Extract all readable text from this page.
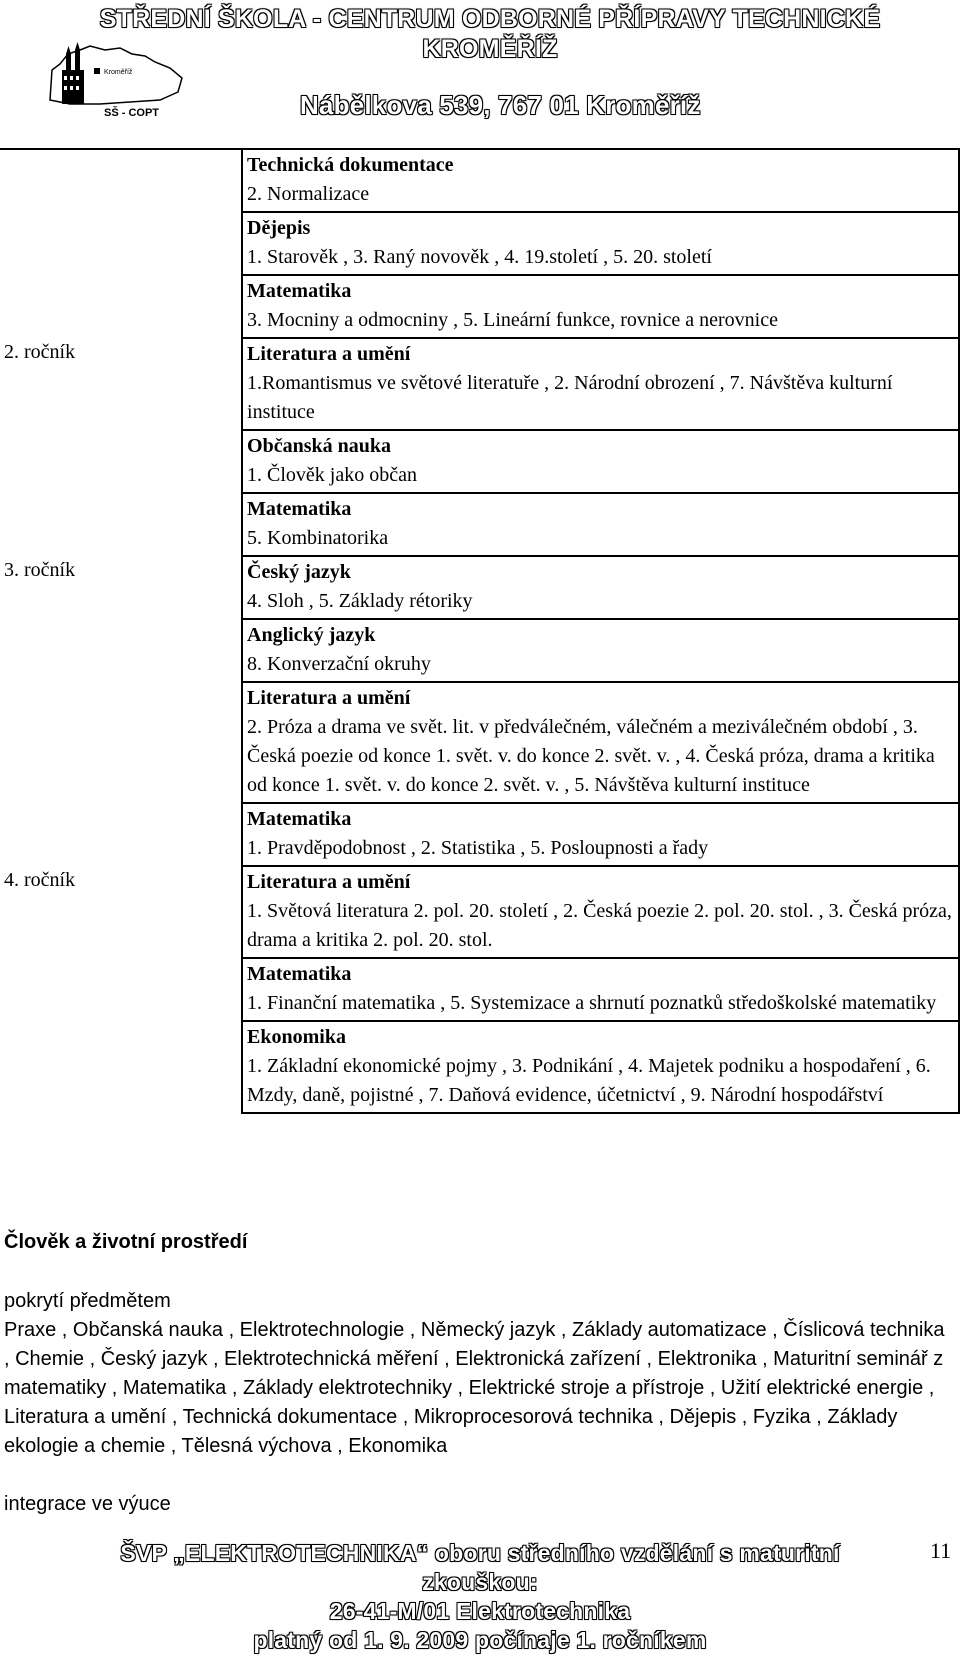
STŘEDNÍ ŠKOLA - CENTRUM ODBORNÉ PŘÍPRAVY TECHNICKÉ KROMĚŘÍŽ
Kroměříž
SŠ - COPT	Nábělkova 539, 767 01 Kroměříž

	Technická dokumentace
2. Normalizace

	Dějepis
1. Starověk , 3. Raný novověk , 4. 19.století , 5. 20. století

	Matematika
3. Mocniny a odmocniny , 5. Lineární funkce, rovnice a nerovnice

2. ročník	Literatura a umění
1.Romantismus ve světové literatuře , 2. Národní obrození , 7. Návštěva kulturní instituce

	Občanská nauka
1. Člověk jako občan

	Matematika
5. Kombinatorika

3. ročník	Český jazyk
4. Sloh , 5. Základy rétoriky

	Anglický jazyk
8. Konverzační okruhy

	Literatura a umění
2. Próza a drama ve svět. lit. v předválečném, válečném a meziválečném období , 3. Česká poezie od konce 1. svět. v. do konce 2. svět. v. , 4. Česká próza, drama a kritika od konce 1. svět. v. do konce 2. svět. v. , 5. Návštěva kulturní instituce

	Matematika
1. Pravděpodobnost , 2. Statistika , 5. Posloupnosti a řady

4. ročník	Literatura a umění
1. Světová literatura 2. pol. 20. století , 2. Česká poezie 2. pol. 20. stol. , 3. Česká próza, drama a kritika 2. pol. 20. stol.

	Matematika
1. Finanční matematika , 5. Systemizace a shrnutí poznatků středoškolské matematiky

	Ekonomika
1. Základní ekonomické pojmy , 3. Podnikání , 4. Majetek podniku a hospodaření , 6. Mzdy, daně, pojistné , 7. Daňová evidence, účetnictví , 9. Národní hospodářství
Člověk a životní prostředí
pokrytí předmětem
Praxe , Občanská nauka , Elektrotechnologie , Německý jazyk , Základy automatizace , Číslicová technika , Chemie , Český jazyk , Elektrotechnická měření , Elektronická zařízení , Elektronika , Maturitní seminář z matematiky , Matematika , Základy elektrotechniky , Elektrické stroje a přístroje , Užití elektrické energie , Literatura a umění , Technická dokumentace , Mikroprocesorová technika , Dějepis , Fyzika , Základy ekologie a chemie , Tělesná výchova , Ekonomika
integrace ve výuce
ŠVP „ELEKTROTECHNIKA“ oboru středního vzdělání s maturitní zkouškou:
26-41-M/01 Elektrotechnika
platný od 1. 9. 2009 počínaje 1. ročníkem
11
